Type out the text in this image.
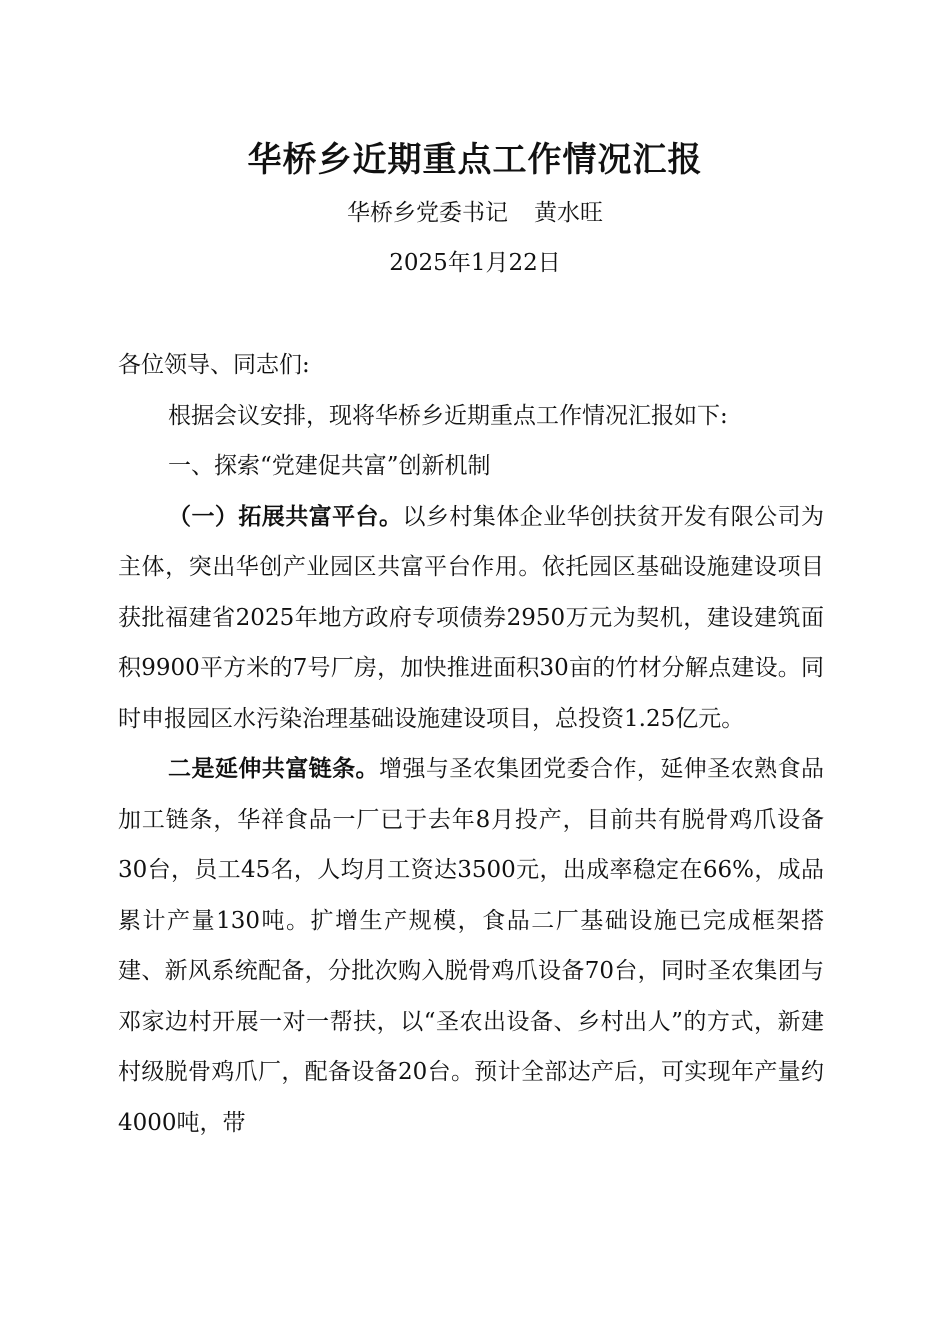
华桥乡近期重点工作情况汇报
华桥乡党委书记 黄水旺
2025年1月22日

各位领导、同志们:

根据会议安排，现将华桥乡近期重点工作情况汇报如下:

一、探索“党建促共富”创新机制

（一）拓展共富平台。以乡村集体企业华创扶贫开发有限公司为主体，突出华创产业园区共富平台作用。依托园区基础设施建设项目获批福建省2025年地方政府专项债券2950万元为契机，建设建筑面积9900平方米的7号厂房，加快推进面积30亩的竹材分解点建设。同时申报园区水污染治理基础设施建设项目，总投资1.25亿元。

二是延伸共富链条。增强与圣农集团党委合作，延伸圣农熟食品加工链条，华祥食品一厂已于去年8月投产，目前共有脱骨鸡爪设备30台，员工45名，人均月工资达3500元，出成率稳定在66%，成品累计产量130吨。扩增生产规模，食品二厂基础设施已完成框架搭建、新风系统配备，分批次购入脱骨鸡爪设备70台，同时圣农集团与邓家边村开展一对一帮扶，以“圣农出设备、乡村出人”的方式，新建村级脱骨鸡爪厂，配备设备20台。预计全部达产后，可实现年产量约4000吨，带
